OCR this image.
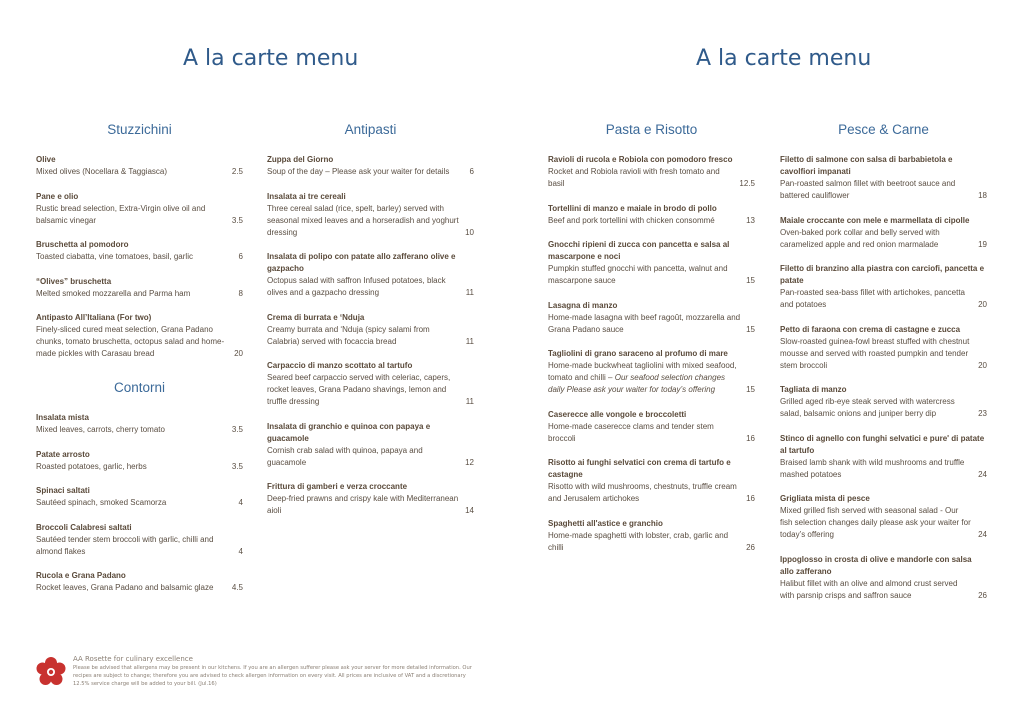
A la carte menu	A la carte menu
Stuzzichini
Olive
Mixed olives (Nocellara & Taggiasca)	2.5
Pane e olio
Rustic bread selection, Extra-Virgin olive oil and balsamic vinegar	3.5
Bruschetta al pomodoro
Toasted ciabatta, vine tomatoes, basil, garlic	6
“Olives” bruschetta
Melted smoked mozzarella and Parma ham	8
Antipasto All’Italiana (For two)
Finely-sliced cured meat selection, Grana Padano chunks, tomato bruschetta, octopus salad and home-made pickles with Carasau bread	20
Contorni
Insalata mista
Mixed leaves, carrots, cherry tomato	3.5
Patate arrosto
Roasted potatoes, garlic, herbs	3.5
Spinaci saltati
Sautéed spinach, smoked Scamorza	4
Broccoli Calabresi saltati
Sautéed tender stem broccoli with garlic, chilli and almond flakes	4
Rucola e Grana Padano
Rocket leaves, Grana Padano and balsamic glaze 4.5
Antipasti
Zuppa del Giorno
Soup of the day – Please ask your waiter for details	6
Insalata ai tre cereali
Three cereal salad (rice, spelt, barley) served with seasonal mixed leaves and a horseradish and yoghurt dressing	10
Insalata di polipo con patate allo zafferano olive e gazpacho
Octopus salad with saffron Infused potatoes, black olives and a gazpacho dressing	11
Crema di burrata e ‘Nduja
Creamy burrata and ‘Nduja (spicy salami from Calabria) served with focaccia bread	11
Carpaccio di manzo scottato al tartufo
Seared beef carpaccio served with celeriac, capers, rocket leaves, Grana Padano shavings, lemon and truffle dressing	11
Insalata di granchio e quinoa con papaya e guacamole
Cornish crab salad with quinoa, papaya and guacamole	12
Frittura di gamberi e verza croccante
Deep-fried prawns and crispy kale with Mediterranean aioli	14
Pasta e Risotto
Ravioli di rucola e Robiola con pomodoro fresco
Rocket and Robiola ravioli with fresh tomato and basil	12.5
Tortellini di manzo e maiale in brodo di pollo
Beef and pork tortellini with chicken consommé	13
Gnocchi ripieni di zucca con pancetta e salsa al mascarpone e noci
Pumpkin stuffed gnocchi with pancetta, walnut and mascarpone sauce	15
Lasagna di manzo
Home-made lasagna with beef ragoût, mozzarella and Grana Padano sauce	15
Tagliolini di grano saraceno al profumo di mare
Home-made buckwheat tagliolini with mixed seafood, tomato and chilli – Our seafood selection changes daily Please ask your waiter for today’s offering	15
Caserecce alle vongole e broccoletti
Home-made caserecce clams and tender stem broccoli	16
Risotto ai funghi selvatici con crema di tartufo e castagne
Risotto with wild mushrooms, chestnuts, truffle cream and Jerusalem artichokes	16
Spaghetti all'astice e granchio
Home-made spaghetti with lobster, crab, garlic and chilli	26
Pesce & Carne
Filetto di salmone con salsa di barbabietola e cavolfiori impanati
Pan-roasted salmon fillet with beetroot sauce and battered cauliflower	18
Maiale croccante con mele e marmellata di cipolle
Oven-baked pork collar and belly served with caramelized apple and red onion marmalade	19
Filetto di branzino alla piastra con carciofi, pancetta e patate
Pan-roasted sea-bass fillet with artichokes, pancetta and potatoes	20
Petto di faraona con crema di castagne e zucca
Slow-roasted guinea-fowl breast stuffed with chestnut mousse and served with roasted pumpkin and tender stem broccoli	20
Tagliata di manzo
Grilled aged rib-eye steak served with watercress salad, balsamic onions and juniper berry dip	23
Stinco di agnello con funghi selvatici e pure' di patate al tartufo
Braised lamb shank with wild mushrooms and truffle mashed potatoes	24
Grigliata mista di pesce
Mixed grilled fish served with seasonal salad - Our fish selection changes daily please ask your waiter for today’s offering	24
Ippoglosso in crosta di olive e mandorle con salsa allo zafferano
Halibut fillet with an olive and almond crust served with parsnip crisps and saffron sauce	26
AA Rosette for culinary excellence
Please be advised that allergens may be present in our kitchens. If you are an allergen sufferer please ask your server for more detailed information. Our recipes are subject to change; therefore you are advised to check allergen information on every visit. All prices are inclusive of VAT and a discretionary 12.5% service charge will be added to your bill. (Jul.16)
